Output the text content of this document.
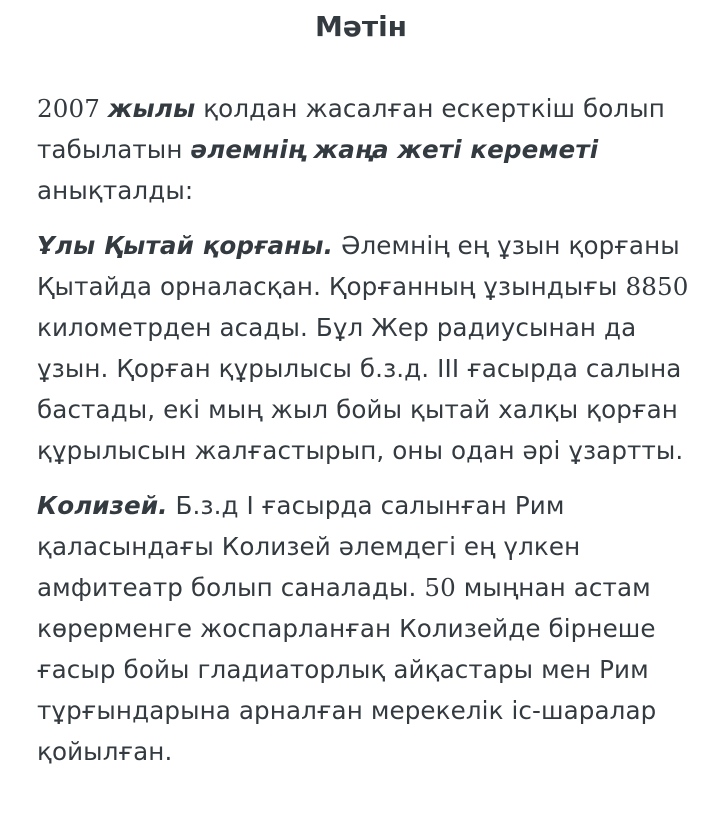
Мәтін

2007 жылы қолдан жасалған ескерткіш болып табылатын әлемнің жаңа жеті кереметі анықталды:

Ұлы Қытай қорғаны. Әлемнің ең ұзын қорғаны Қытайда орналасқан. Қорғанның ұзындығы 8850 километрден асады. Бұл Жер радиусынан да ұзын. Қорған құрылысы б.з.д. III ғасырда салына бастады, екі мың жыл бойы қытай халқы қорған құрылысын жалғастырып, оны одан әрі ұзартты.

Колизей. Б.з.д І ғасырда салынған Рим қаласындағы Колизей әлемдегі ең үлкен амфитеатр болып саналады. 50 мыңнан астам көрерменге жоспарланған Колизейде бірнеше ғасыр бойы гладиаторлық айқастары мен Рим тұрғындарына арналған мерекелік іс-шаралар қойылған.
